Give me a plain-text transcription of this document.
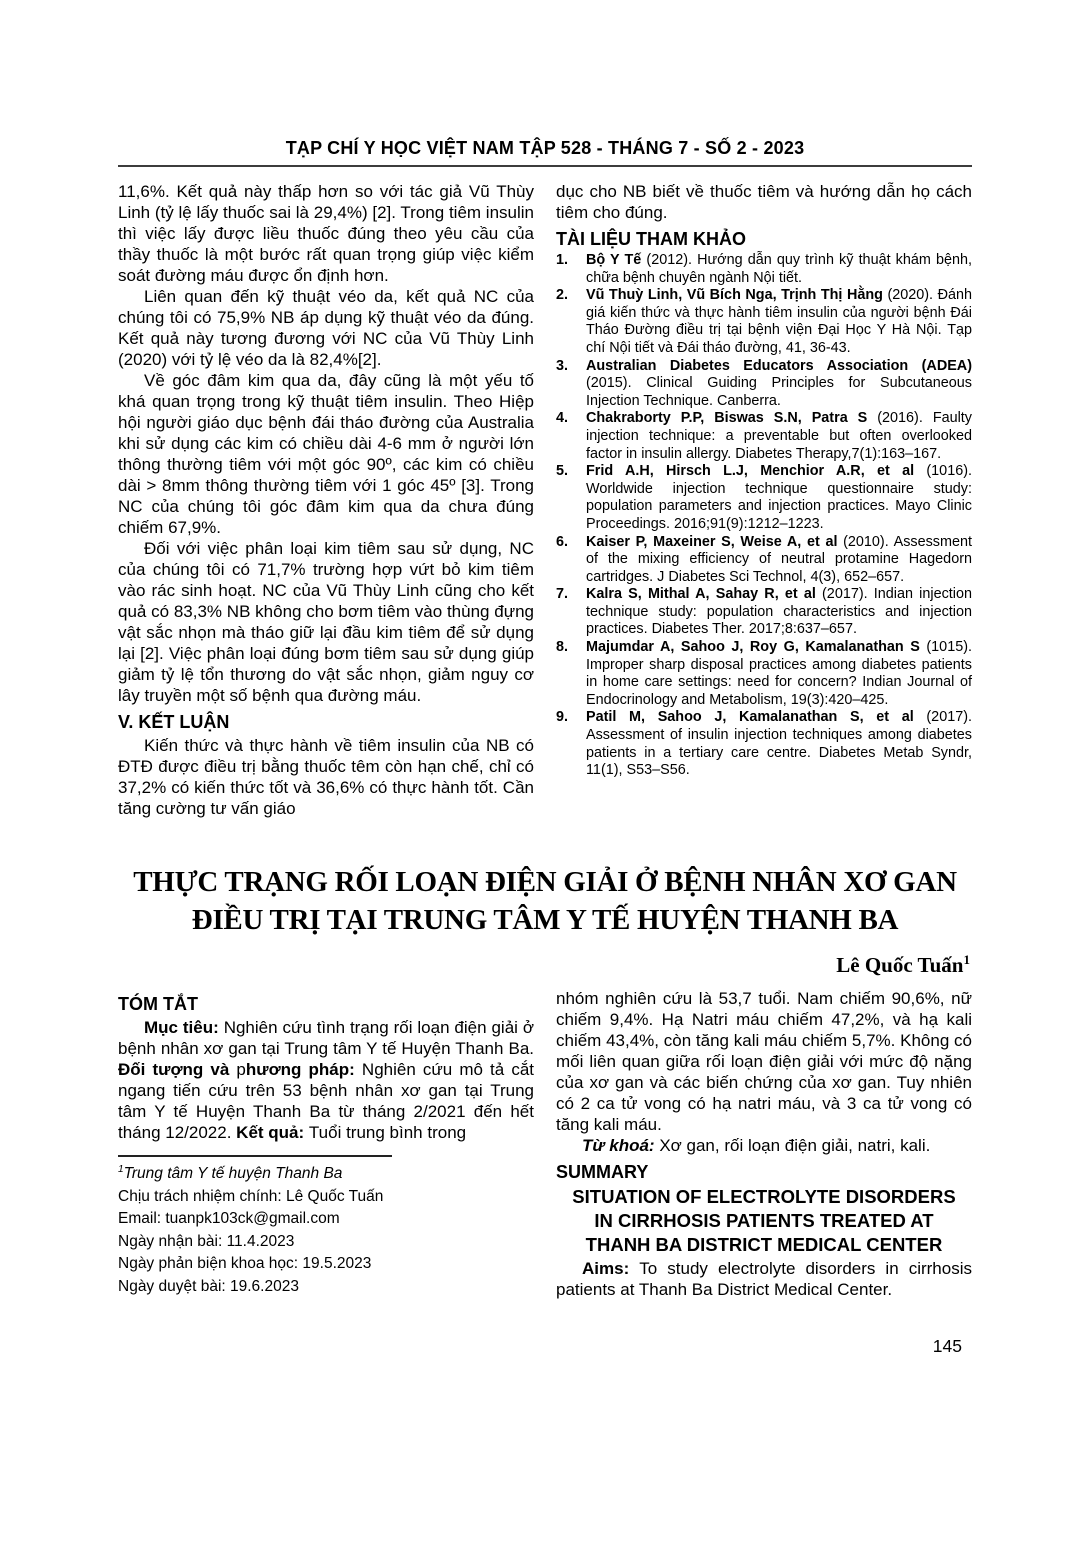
TẠP CHÍ Y HỌC VIỆT NAM TẬP 528 - THÁNG 7 - SỐ 2 - 2023

11,6%. Kết quả này thấp hơn so với tác giả Vũ Thùy Linh (tỷ lệ lấy thuốc sai là 29,4%) [2]. Trong tiêm insulin thì việc lấy được liều thuốc đúng theo yêu cầu của thầy thuốc là một bước rất quan trọng giúp việc kiểm soát đường máu được ổn định hơn.

Liên quan đến kỹ thuật véo da, kết quả NC của chúng tôi có 75,9% NB áp dụng kỹ thuật véo da đúng. Kết quả này tương đương với NC của Vũ Thùy Linh (2020) với tỷ lệ véo da là 82,4%[2].

Về góc đâm kim qua da, đây cũng là một yếu tố khá quan trọng trong kỹ thuật tiêm insulin. Theo Hiệp hội người giáo dục bệnh đái tháo đường của Australia khi sử dụng các kim có chiều dài 4-6 mm ở người lớn thông thường tiêm với một góc 90º, các kim có chiều dài > 8mm thông thường tiêm với 1 góc 45º [3]. Trong NC của chúng tôi góc đâm kim qua da chưa đúng chiếm 67,9%.

Đối với việc phân loại kim tiêm sau sử dụng, NC của chúng tôi có 71,7% trường hợp vứt bỏ kim tiêm vào rác sinh hoạt. NC của Vũ Thùy Linh cũng cho kết quả có 83,3% NB không cho bơm tiêm vào thùng đựng vật sắc nhọn mà tháo giữ lại đầu kim tiêm để sử dụng lại [2]. Việc phân loại đúng bơm tiêm sau sử dụng giúp giảm tỷ lệ tổn thương do vật sắc nhọn, giảm nguy cơ lây truyền một số bệnh qua đường máu.

V. KẾT LUẬN

Kiến thức và thực hành về tiêm insulin của NB có ĐTĐ được điều trị bằng thuốc têm còn hạn chế, chỉ có 37,2% có kiến thức tốt và 36,6% có thực hành tốt. Cần tăng cường tư vấn giáo

dục cho NB biết về thuốc tiêm và hướng dẫn họ cách tiêm cho đúng.

TÀI LIỆU THAM KHẢO
1.	Bộ Y Tế (2012). Hướng dẫn quy trình kỹ thuật khám bệnh, chữa bệnh chuyên ngành Nội tiết.
2.	Vũ Thuỳ Linh, Vũ Bích Nga, Trịnh Thị Hằng (2020). Đánh giá kiến thức và thực hành tiêm insulin của người bệnh Đái Tháo Đường điều trị tại bệnh viện Đại Học Y Hà Nội. Tạp chí Nội tiết và Đái tháo đường, 41, 36-43.
3.	Australian Diabetes Educators Association (ADEA) (2015). Clinical Guiding Principles for Subcutaneous Injection Technique. Canberra.
4.	Chakraborty P.P, Biswas S.N, Patra S (2016). Faulty injection technique: a preventable but often overlooked factor in insulin allergy. Diabetes Therapy,7(1):163–167.
5.	Frid A.H, Hirsch L.J, Menchior A.R, et al (1016). Worldwide injection technique questionnaire study: population parameters and injection practices. Mayo Clinic Proceedings. 2016;91(9):1212–1223.
6.	Kaiser P, Maxeiner S, Weise A, et al (2010). Assessment of the mixing efficiency of neutral protamine Hagedorn cartridges. J Diabetes Sci Technol, 4(3), 652–657.
7.	Kalra S, Mithal A, Sahay R, et al (2017). Indian injection technique study: population characteristics and injection practices. Diabetes Ther. 2017;8:637–657.
8.	Majumdar A, Sahoo J, Roy G, Kamalanathan S (1015). Improper sharp disposal practices among diabetes patients in home care settings: need for concern? Indian Journal of Endocrinology and Metabolism, 19(3):420–425.
9.	Patil M, Sahoo J, Kamalanathan S, et al (2017). Assessment of insulin injection techniques among diabetes patients in a tertiary care centre. Diabetes Metab Syndr, 11(1), S53–S56.
THỰC TRẠNG RỐI LOẠN ĐIỆN GIẢI Ở BỆNH NHÂN XƠ GAN
ĐIỀU TRỊ TẠI TRUNG TÂM Y TẾ HUYỆN THANH BA
Lê Quốc Tuấn$^1$
TÓM TẮT

Mục tiêu: Nghiên cứu tình trạng rối loạn điện giải ở bệnh nhân xơ gan tại Trung tâm Y tế Huyện Thanh Ba. Đối tượng và phương pháp: Nghiên cứu mô tả cắt ngang tiến cứu trên 53 bệnh nhân xơ gan tại Trung tâm Y tế Huyện Thanh Ba từ tháng 2/2021 đến hết tháng 12/2022. Kết quả: Tuổi trung bình trong

$^1$Trung tâm Y tế huyện Thanh Ba

Chịu trách nhiệm chính: Lê Quốc Tuấn

Email: tuanpk103ck@gmail.com

Ngày nhận bài: 11.4.2023

Ngày phản biện khoa học: 19.5.2023

Ngày duyệt bài: 19.6.2023

nhóm nghiên cứu là 53,7 tuổi. Nam chiếm 90,6%, nữ chiếm 9,4%. Hạ Natri máu chiếm 47,2%, và hạ kali chiếm 43,4%, còn tăng kali máu chiếm 5,7%. Không có mối liên quan giữa rối loạn điện giải với mức độ nặng của xơ gan và các biến chứng của xơ gan. Tuy nhiên có 2 ca tử vong có hạ natri máu, và 3 ca tử vong có tăng kali máu.

Từ khoá: Xơ gan, rối loạn điện giải, natri, kali.

SUMMARY

SITUATION OF ELECTROLYTE DISORDERS IN CIRRHOSIS PATIENTS TREATED AT THANH BA DISTRICT MEDICAL CENTER

Aims: To study electrolyte disorders in cirrhosis patients at Thanh Ba District Medical Center.

145
